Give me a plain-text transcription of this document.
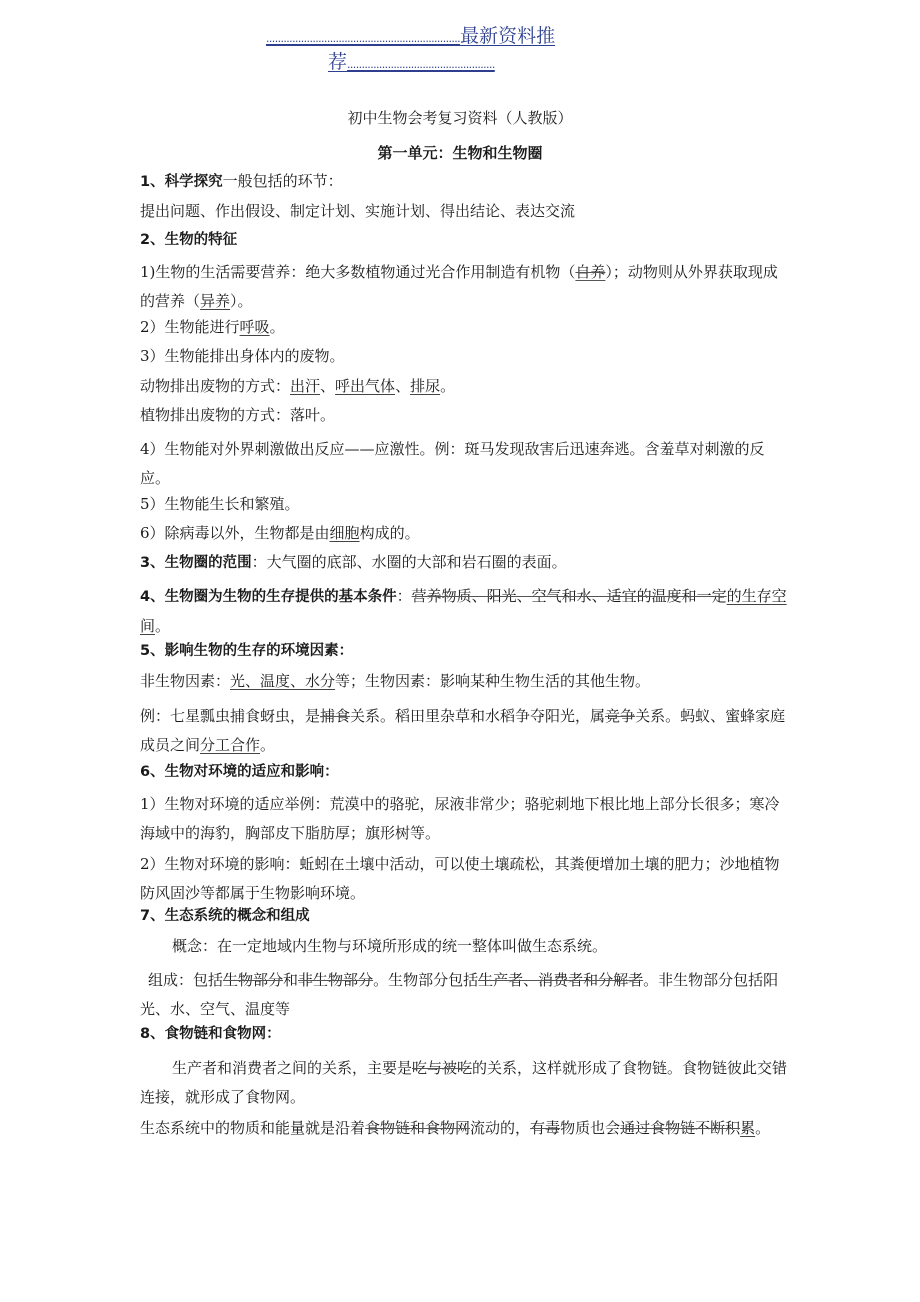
...................................................................最新资料推
荐...................................................
初中生物会考复习资料（人教版）
第一单元：生物和生物圈
1、科学探究一般包括的环节：
提出问题、作出假设、制定计划、实施计划、得出结论、表达交流
2、生物的特征
1)生物的生活需要营养：绝大多数植物通过光合作用制造有机物（自养）；动物则从外界获取现成的营养（异养）。
2）生物能进行呼吸。
3）生物能排出身体内的废物。
动物排出废物的方式：出汗、呼出气体、排尿。
植物排出废物的方式：落叶。
4）生物能对外界刺激做出反应——应激性。例：斑马发现敌害后迅速奔逃。含羞草对刺激的反应。
5）生物能生长和繁殖。
6）除病毒以外，生物都是由细胞构成的。
3、生物圈的范围：大气圈的底部、水圈的大部和岩石圈的表面。
4、生物圈为生物的生存提供的基本条件：营养物质、阳光、空气和水、适宜的温度和一定的生存空间。
5、影响生物的生存的环境因素：
非生物因素：光、温度、水分等；生物因素：影响某种生物生活的其他生物。
例：七星瓢虫捕食蚜虫，是捕食关系。稻田里杂草和水稻争夺阳光，属竞争关系。蚂蚁、蜜蜂家庭成员之间分工合作。
6、生物对环境的适应和影响：
1）生物对环境的适应举例：荒漠中的骆驼，尿液非常少；骆驼刺地下根比地上部分长很多；寒冷海域中的海豹，胸部皮下脂肪厚；旗形树等。
2）生物对环境的影响：蚯蚓在土壤中活动，可以使土壤疏松，其粪便增加土壤的肥力；沙地植物防风固沙等都属于生物影响环境。
7、生态系统的概念和组成
概念：在一定地域内生物与环境所形成的统一整体叫做生态系统。
组成：包括生物部分和非生物部分。生物部分包括生产者、消费者和分解者。非生物部分包括阳光、水、空气、温度等
8、食物链和食物网：
生产者和消费者之间的关系，主要是吃与被吃的关系，这样就形成了食物链。食物链彼此交错连接，就形成了食物网。
生态系统中的物质和能量就是沿着食物链和食物网流动的，有毒物质也会通过食物链不断积累。
